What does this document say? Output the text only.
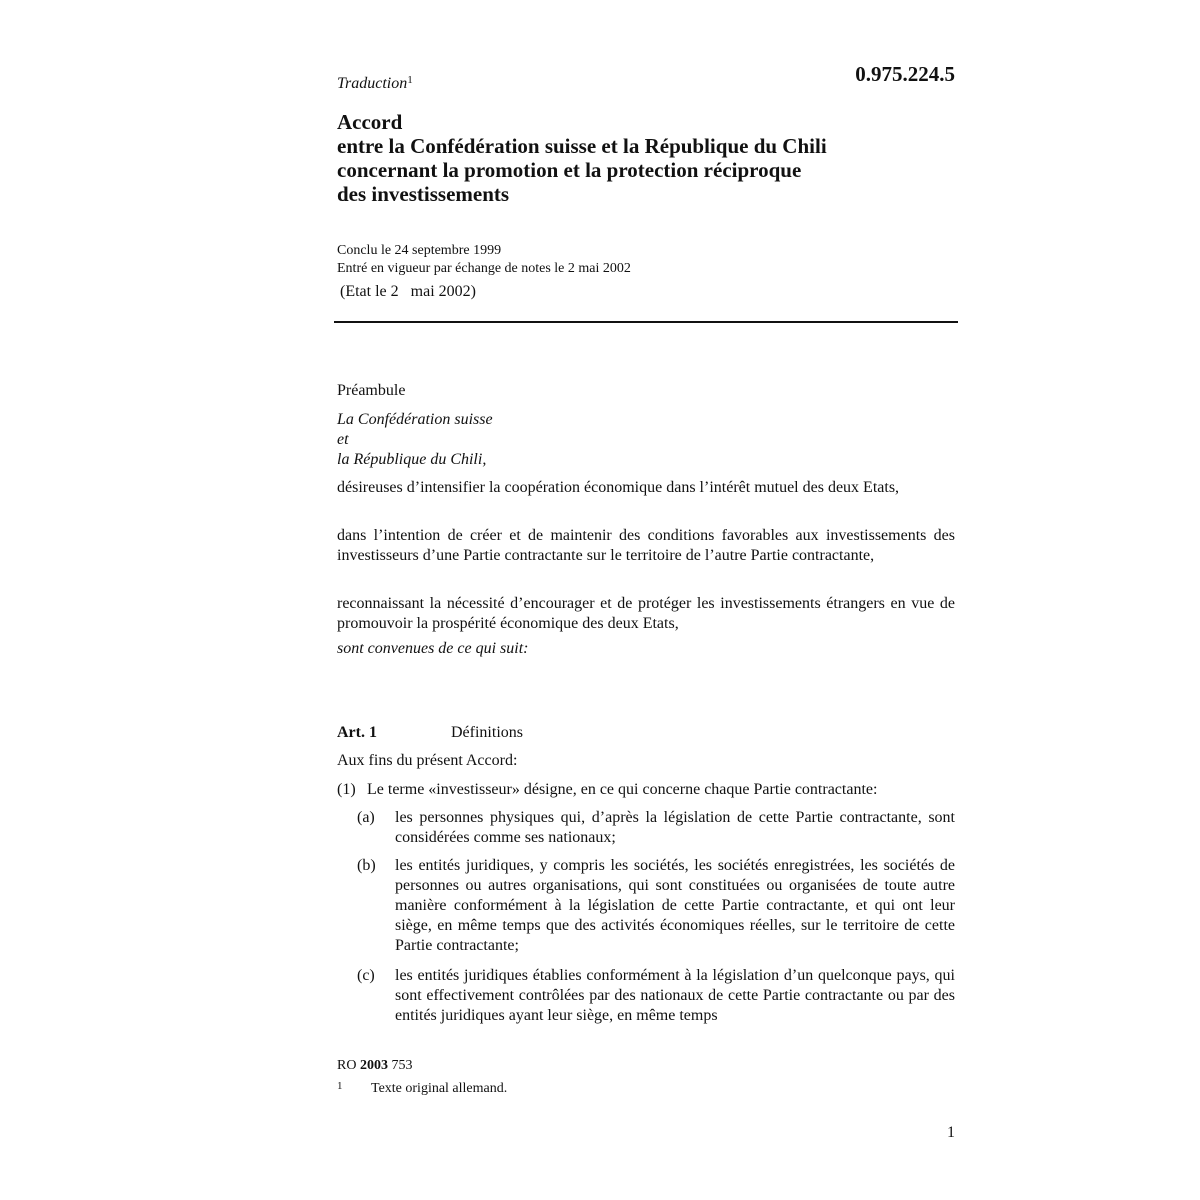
Traduction$^1$	0.975.224.5
Accord
entre la Confédération suisse et la République du Chili
concernant la promotion et la protection réciproque
des investissements
Conclu le 24 septembre 1999
Entré en vigueur par échange de notes le 2 mai 2002
(Etat le 2   mai 2002)
Préambule
La Confédération suisse
et
la République du Chili,
désireuses d’intensifier la coopération économique dans l’intérêt mutuel des deux Etats,
dans l’intention de créer et de maintenir des conditions favorables aux investissements des investisseurs d’une Partie contractante sur le territoire de l’autre Partie contractante,
reconnaissant la nécessité d’encourager et de protéger les investissements étrangers en vue de promouvoir la prospérité économique des deux Etats,
sont convenues de ce qui suit:
Art. 1	Définitions
Aux fins du présent Accord:
(1) Le terme «investisseur» désigne, en ce qui concerne chaque Partie contractante:
(a) les personnes physiques qui, d’après la législation de cette Partie contractante, sont considérées comme ses nationaux;
(b) les entités juridiques, y compris les sociétés, les sociétés enregistrées, les sociétés de personnes ou autres organisations, qui sont constituées ou organisées de toute autre manière conformément à la législation de cette Partie contractante, et qui ont leur siège, en même temps que des activités économiques réelles, sur le territoire de cette Partie contractante;
(c) les entités juridiques établies conformément à la législation d’un quelconque pays, qui sont effectivement contrôlées par des nationaux de cette Partie contractante ou par des entités juridiques ayant leur siège, en même temps
RO 2003 753
1 Texte original allemand.
1
